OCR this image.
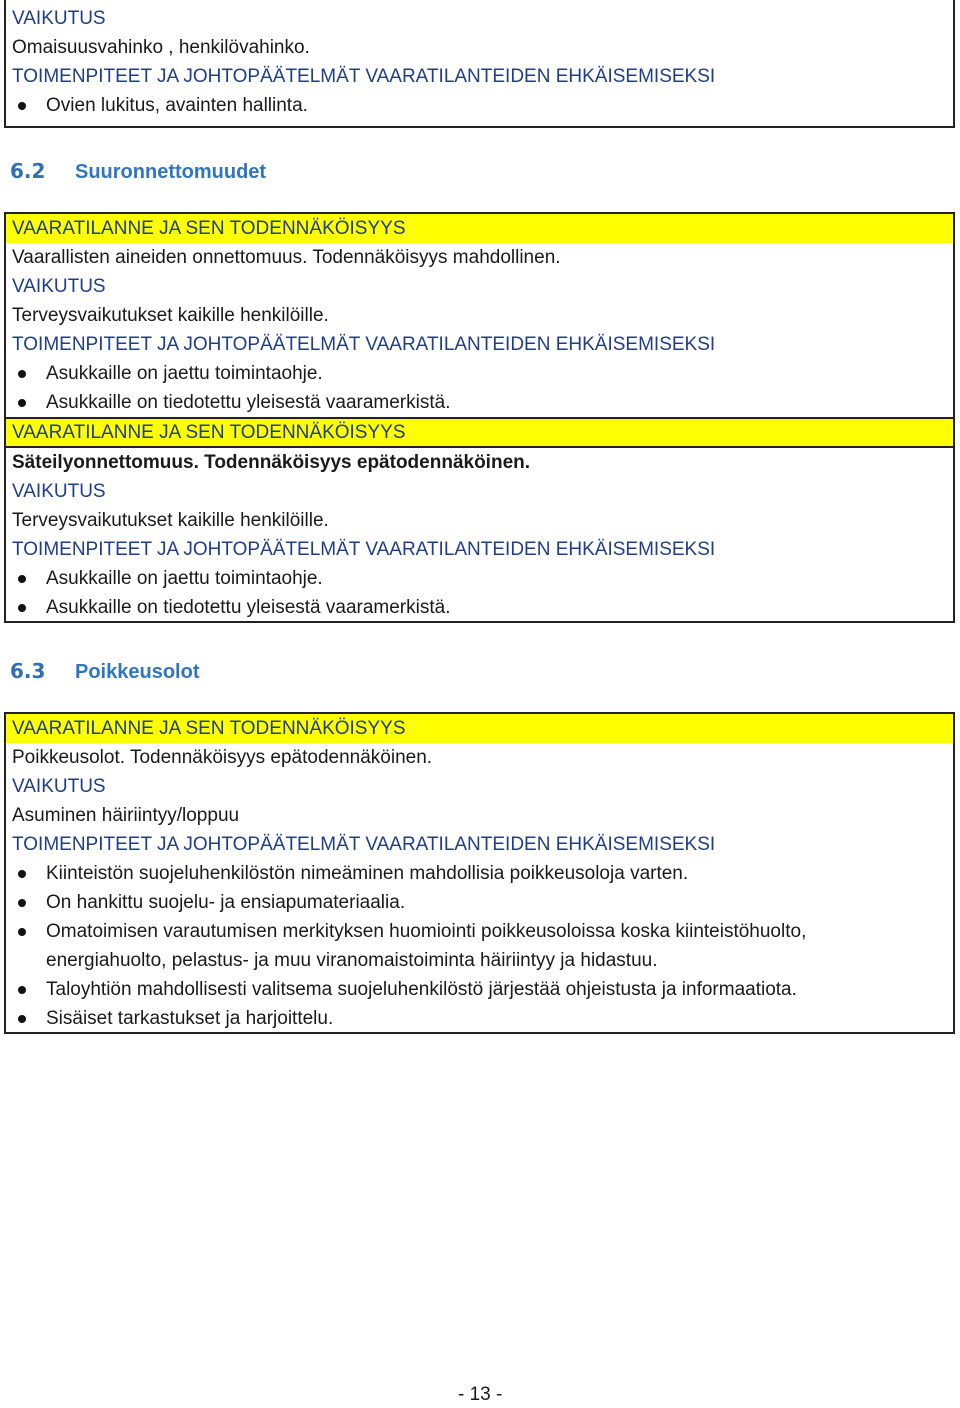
VAIKUTUS
Omaisuusvahinko , henkilövahinko.
TOIMENPITEET JA JOHTOPÄÄTELMÄT VAARATILANTEIDEN EHKÄISEMISEKSI
Ovien lukitus, avainten hallinta.
6.2 Suuronnettomuudet
VAARATILANNE JA SEN TODENNÄKÖISYYS
Vaarallisten aineiden onnettomuus. Todennäköisyys mahdollinen.
VAIKUTUS
Terveysvaikutukset kaikille henkilöille.
TOIMENPITEET JA JOHTOPÄÄTELMÄT VAARATILANTEIDEN EHKÄISEMISEKSI
Asukkaille on jaettu toimintaohje.
Asukkaille on tiedotettu yleisestä vaaramerkistä.
VAARATILANNE JA SEN TODENNÄKÖISYYS
Säteilyonnettomuus. Todennäköisyys epätodennäköinen.
VAIKUTUS
Terveysvaikutukset kaikille henkilöille.
TOIMENPITEET JA JOHTOPÄÄTELMÄT VAARATILANTEIDEN EHKÄISEMISEKSI
Asukkaille on jaettu toimintaohje.
Asukkaille on tiedotettu yleisestä vaaramerkistä.
6.3 Poikkeusolot
VAARATILANNE JA SEN TODENNÄKÖISYYS
Poikkeusolot. Todennäköisyys epätodennäköinen.
VAIKUTUS
Asuminen häiriintyy/loppuu
TOIMENPITEET JA JOHTOPÄÄTELMÄT VAARATILANTEIDEN EHKÄISEMISEKSI
Kiinteistön suojeluhenkilöstön nimeäminen mahdollisia poikkeusoloja varten.
On hankittu suojelu- ja ensiapumateriaalia.
Omatoimisen varautumisen merkityksen huomiointi poikkeusoloissa koska kiinteistöhuolto,
energiahuolto, pelastus- ja muu viranomaistoiminta häiriintyy ja hidastuu.
Taloyhtiön mahdollisesti valitsema suojeluhenkilöstö järjestää ohjeistusta ja informaatiota.
Sisäiset tarkastukset ja harjoittelu.
- 13 -
